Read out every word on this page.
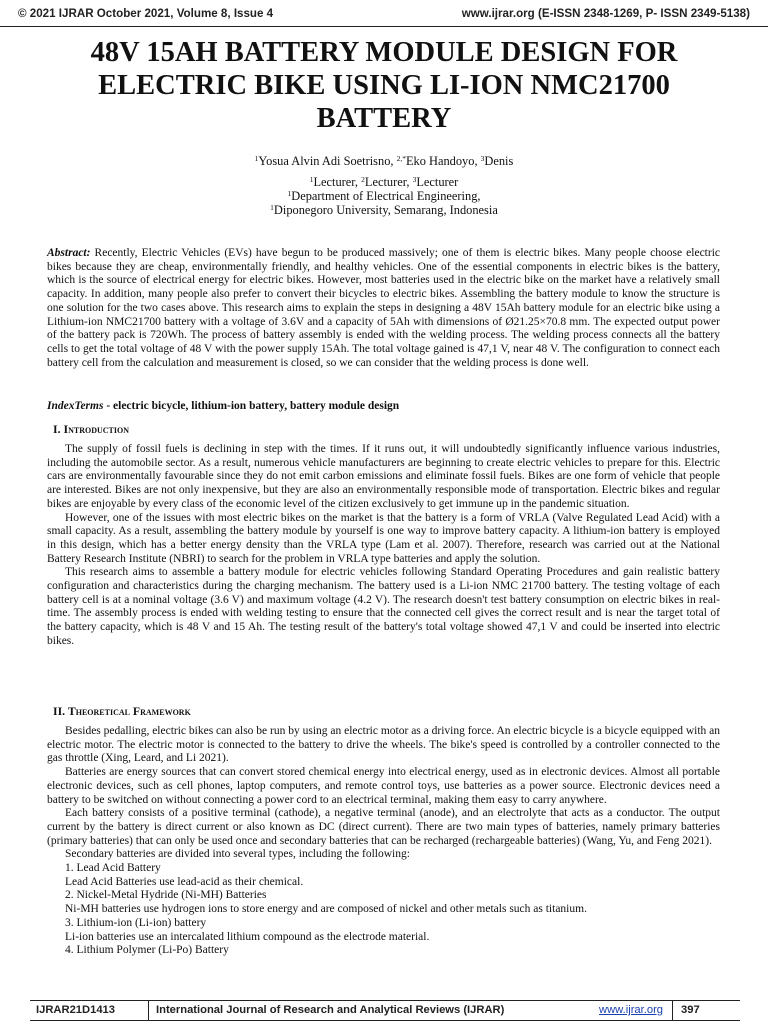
© 2021 IJRAR October 2021, Volume 8, Issue 4	www.ijrar.org (E-ISSN 2348-1269, P- ISSN 2349-5138)
48V 15AH BATTERY MODULE DESIGN FOR ELECTRIC BIKE USING LI-ION NMC21700 BATTERY
$^1$Yosua Alvin Adi Soetrisno, $^{2,*}$Eko Handoyo, $^3$Denis
$^1$Lecturer, $^2$Lecturer, $^3$Lecturer
$^1$Department of Electrical Engineering,
$^1$Diponegoro University, Semarang, Indonesia
Abstract: Recently, Electric Vehicles (EVs) have begun to be produced massively; one of them is electric bikes. Many people choose electric bikes because they are cheap, environmentally friendly, and healthy vehicles. One of the essential components in electric bikes is the battery, which is the source of electrical energy for electric bikes. However, most batteries used in the electric bike on the market have a relatively small capacity. In addition, many people also prefer to convert their bicycles to electric bikes. Assembling the battery module to know the structure is one solution for the two cases above. This research aims to explain the steps in designing a 48V 15Ah battery module for an electric bike using a Lithium-ion NMC21700 battery with a voltage of 3.6V and a capacity of 5Ah with dimensions of Ø21.25×70.8 mm. The expected output power of the battery pack is 720Wh. The process of battery assembly is ended with the welding process. The welding process connects all the battery cells to get the total voltage of 48 V with the power supply 15Ah. The total voltage gained is 47,1 V, near 48 V. The configuration to connect each battery cell from the calculation and measurement is closed, so we can consider that the welding process is done well.
IndexTerms - electric bicycle, lithium-ion battery, battery module design
I. Introduction

The supply of fossil fuels is declining in step with the times. If it runs out, it will undoubtedly significantly influence various industries, including the automobile sector. As a result, numerous vehicle manufacturers are beginning to create electric vehicles to prepare for this. Electric cars are environmentally favourable since they do not emit carbon emissions and eliminate fossil fuels. Bikes are one form of vehicle that people are interested. Bikes are not only inexpensive, but they are also an environmentally responsible mode of transportation. Electric bikes and regular bikes are enjoyable by every class of the economic level of the citizen exclusively to get immune up in the pandemic situation.

However, one of the issues with most electric bikes on the market is that the battery is a form of VRLA (Valve Regulated Lead Acid) with a small capacity. As a result, assembling the battery module by yourself is one way to improve battery capacity. A lithium-ion battery is employed in this design, which has a better energy density than the VRLA type (Lam et al. 2007). Therefore, research was carried out at the National Battery Research Institute (NBRI) to search for the problem in VRLA type batteries and apply the solution.

This research aims to assemble a battery module for electric vehicles following Standard Operating Procedures and gain realistic battery configuration and characteristics during the charging mechanism. The battery used is a Li-ion NMC 21700 battery. The testing voltage of each battery cell is at a nominal voltage (3.6 V) and maximum voltage (4.2 V). The research doesn't test battery consumption on electric bikes in real-time. The assembly process is ended with welding testing to ensure that the connected cell gives the correct result and is near the target total of the battery capacity, which is 48 V and 15 Ah. The testing result of the battery's total voltage showed 47,1 V and could be inserted into electric bikes.

II. Theoretical Framework

Besides pedalling, electric bikes can also be run by using an electric motor as a driving force. An electric bicycle is a bicycle equipped with an electric motor. The electric motor is connected to the battery to drive the wheels. The bike's speed is controlled by a controller connected to the gas throttle (Xing, Leard, and Li 2021).

Batteries are energy sources that can convert stored chemical energy into electrical energy, used as in electronic devices. Almost all portable electronic devices, such as cell phones, laptop computers, and remote control toys, use batteries as a power source. Electronic devices need a battery to be switched on without connecting a power cord to an electrical terminal, making them easy to carry anywhere.

Each battery consists of a positive terminal (cathode), a negative terminal (anode), and an electrolyte that acts as a conductor. The output current by the battery is direct current or also known as DC (direct current). There are two main types of batteries, namely primary batteries (primary batteries) that can only be used once and secondary batteries that can be recharged (rechargeable batteries) (Wang, Yu, and Feng 2021).

Secondary batteries are divided into several types, including the following:

1. Lead Acid Battery

Lead Acid Batteries use lead-acid as their chemical.

2. Nickel-Metal Hydride (Ni-MH) Batteries

Ni-MH batteries use hydrogen ions to store energy and are composed of nickel and other metals such as titanium.

3. Lithium-ion (Li-ion) battery

Li-ion batteries use an intercalated lithium compound as the electrode material.

4. Lithium Polymer (Li-Po) Battery

IJRAR21D1413	International Journal of Research and Analytical Reviews (IJRAR)	www.ijrar.org 397
